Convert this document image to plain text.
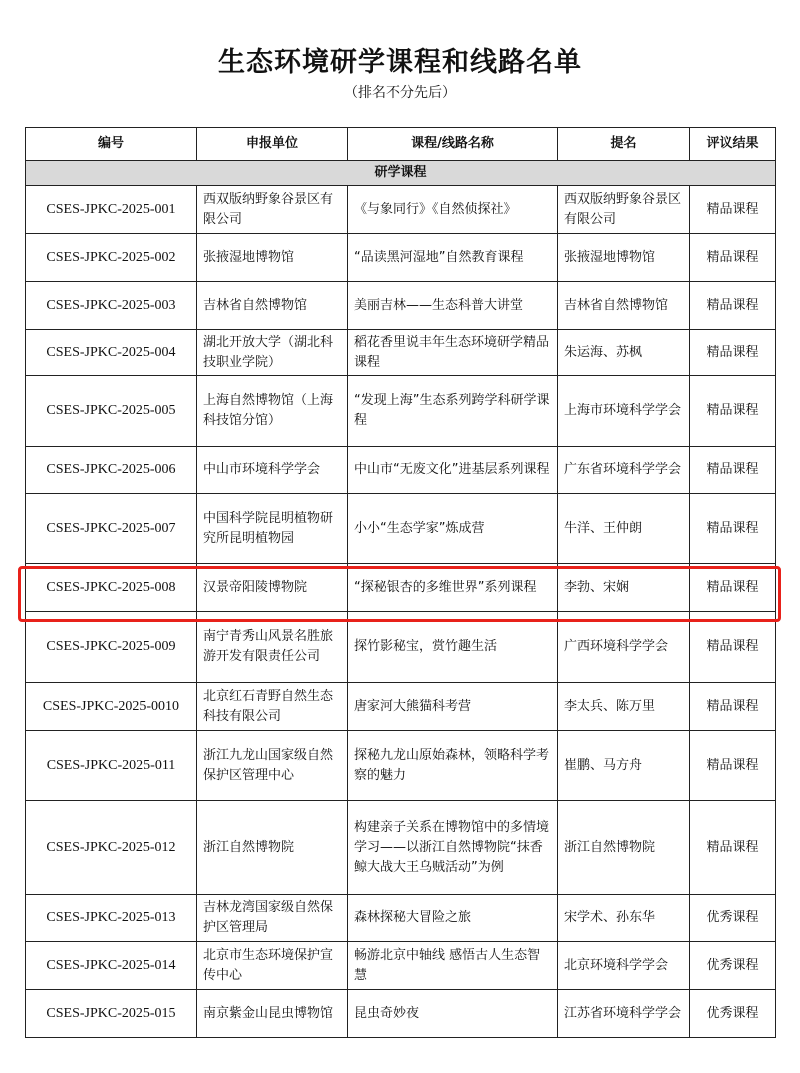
生态环境研学课程和线路名单
（排名不分先后）
编号	申报单位	课程/线路名称	提名	评议结果
研学课程				
CSES-JPKC-2025-001	西双版纳野象谷景区有限公司	《与象同行》《自然侦探社》	西双版纳野象谷景区有限公司	精品课程
CSES-JPKC-2025-002	张掖湿地博物馆	“品读黑河湿地”自然教育课程	张掖湿地博物馆	精品课程
CSES-JPKC-2025-003	吉林省自然博物馆	美丽吉林——生态科普大讲堂	吉林省自然博物馆	精品课程
CSES-JPKC-2025-004	湖北开放大学（湖北科技职业学院）	稻花香里说丰年生态环境研学精品课程	朱运海、苏枫	精品课程
CSES-JPKC-2025-005	上海自然博物馆（上海科技馆分馆）	“发现上海”生态系列跨学科研学课程	上海市环境科学学会	精品课程
CSES-JPKC-2025-006	中山市环境科学学会	中山市“无废文化”进基层系列课程	广东省环境科学学会	精品课程
CSES-JPKC-2025-007	中国科学院昆明植物研究所昆明植物园	小小“生态学家”炼成营	牛洋、王仲朗	精品课程
CSES-JPKC-2025-008	汉景帝阳陵博物院	“探秘银杏的多维世界”系列课程	李勃、宋娴	精品课程
CSES-JPKC-2025-009	南宁青秀山风景名胜旅游开发有限责任公司	探竹影秘宝，赏竹趣生活	广西环境科学学会	精品课程
CSES-JPKC-2025-0010	北京红石青野自然生态科技有限公司	唐家河大熊猫科考营	李太兵、陈万里	精品课程
CSES-JPKC-2025-011	浙江九龙山国家级自然保护区管理中心	探秘九龙山原始森林，领略科学考察的魅力	崔鹏、马方舟	精品课程
CSES-JPKC-2025-012	浙江自然博物院	构建亲子关系在博物馆中的多情境学习——以浙江自然博物院“抹香鲸大战大王乌贼活动”为例	浙江自然博物院	精品课程
CSES-JPKC-2025-013	吉林龙湾国家级自然保护区管理局	森林探秘大冒险之旅	宋学术、孙东华	优秀课程
CSES-JPKC-2025-014	北京市生态环境保护宣传中心	畅游北京中轴线 感悟古人生态智慧	北京环境科学学会	优秀课程
CSES-JPKC-2025-015	南京紫金山昆虫博物馆	昆虫奇妙夜	江苏省环境科学学会	优秀课程
